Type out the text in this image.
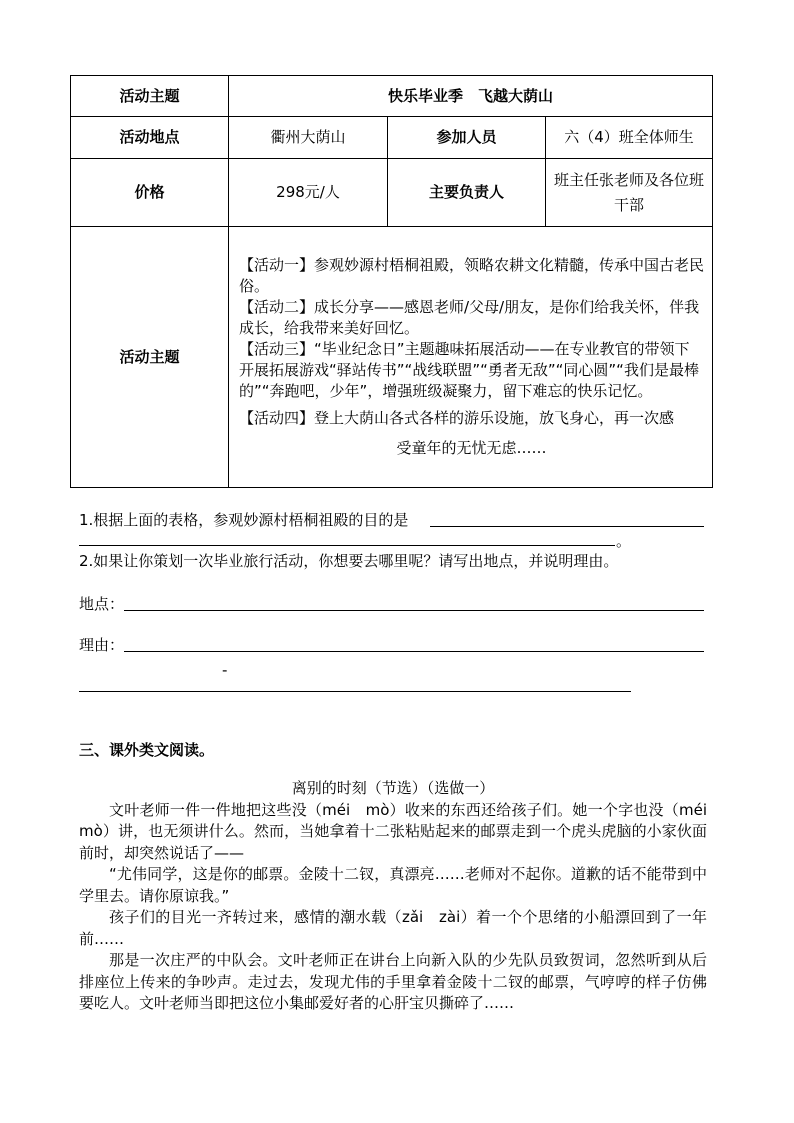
活动主题	快乐毕业季　飞越大荫山		
活动地点	衢州大荫山	参加人员	六（4）班全体师生
价格	298元/人	主要负责人	班主任张老师及各位班干部
活动主题	【活动一】参观妙源村梧桐祖殿，领略农耕文化精髓，传承中国古老民俗。

【活动二】成长分享——感恩老师/父母/朋友，是你们给我关怀，伴我成长，给我带来美好回忆。

【活动三】“毕业纪念日”主题趣味拓展活动——在专业教官的带领下开展拓展游戏“驿站传书”“战线联盟”“勇者无敌”“同心圆”“我们是最棒的”“奔跑吧，少年”，增强班级凝聚力，留下难忘的快乐记忆。

【活动四】登上大荫山各式各样的游乐设施，放飞身心，再一次感

受童年的无忧无虑……		

1.根据上面的表格，参观妙源村梧桐祖殿的目的是
。
2.如果让你策划一次毕业旅行活动，你想要去哪里呢？请写出地点，并说明理由。
地点：
理由：
-
三、课外类文阅读。
离别的时刻（节选）（选做一）

文叶老师一件一件地把这些没（méi　mò）收来的东西还给孩子们。她一个字也没（méi　mò）讲，也无须讲什么。然而，当她拿着十二张粘贴起来的邮票走到一个虎头虎脑的小家伙面前时，却突然说话了——

“尤伟同学，这是你的邮票。金陵十二钗，真漂亮……老师对不起你。道歉的话不能带到中学里去。请你原谅我。”

孩子们的目光一齐转过来，感情的潮水载（zǎi　zài）着一个个思绪的小船漂回到了一年前……

那是一次庄严的中队会。文叶老师正在讲台上向新入队的少先队员致贺词，忽然听到从后排座位上传来的争吵声。走过去，发现尤伟的手里拿着金陵十二钗的邮票，气哼哼的样子仿佛要吃人。文叶老师当即把这位小集邮爱好者的心肝宝贝撕碎了……
